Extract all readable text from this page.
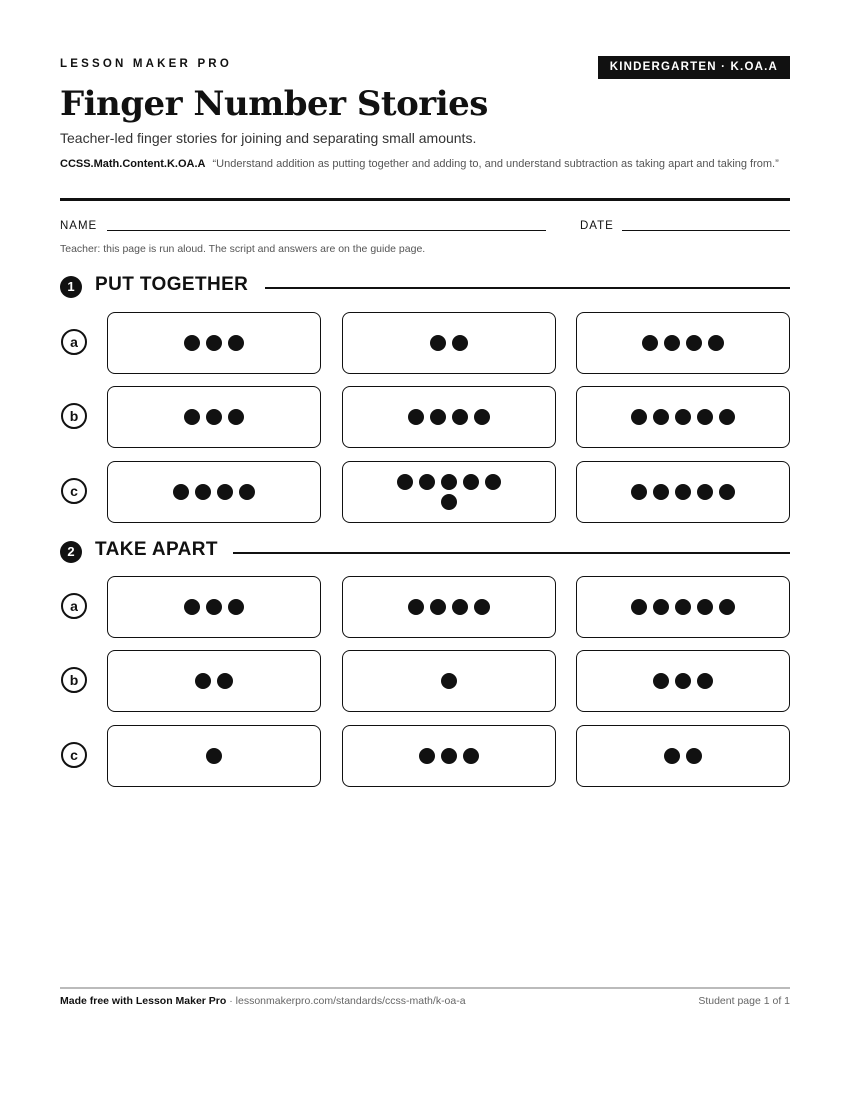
LESSON MAKER PRO	KINDERGARTEN · K.OA.A
Finger Number Stories

Teacher-led finger stories for joining and separating small amounts.

CCSS.Math.Content.K.OA.A “Understand addition as putting together and adding to, and understand subtraction as taking apart and taking from.”

NAME	DATE

Teacher: this page is run aloud. The script and answers are on the guide page.

1	PUT TOGETHER
a
b
c
2	TAKE APART
a
b
c
Made free with Lesson Maker Pro · lessonmakerpro.com/standards/ccss-math/k-oa-a	Student page 1 of 1
